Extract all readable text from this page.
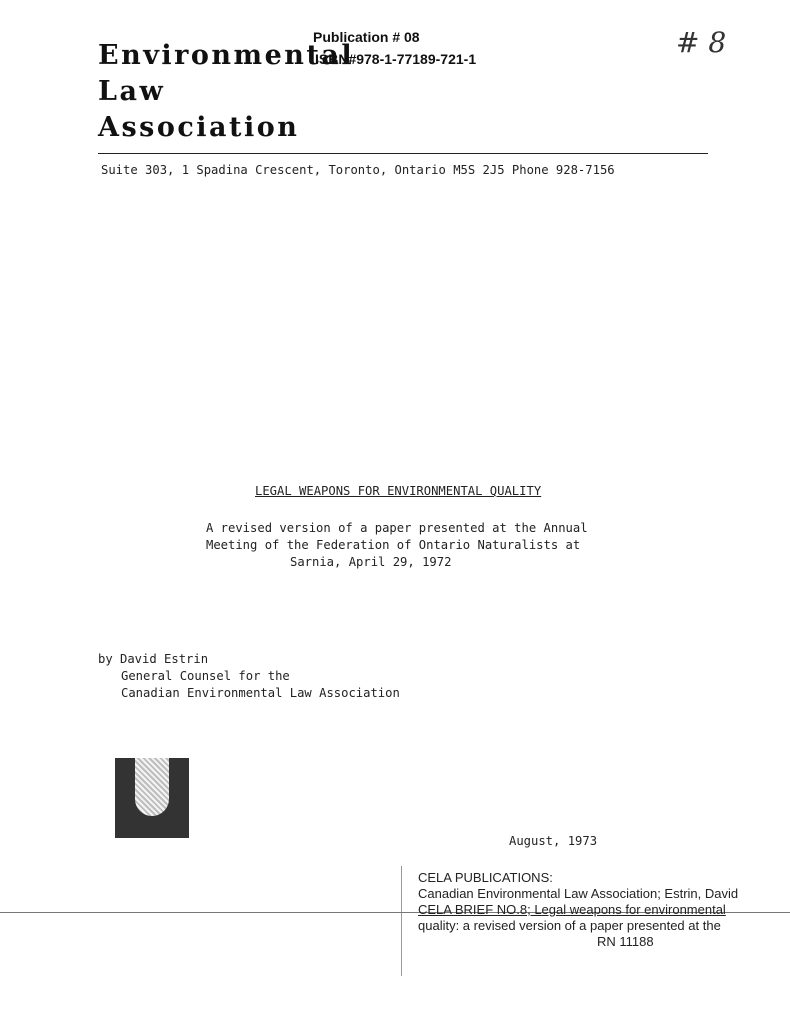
Publication # 08
ISBN#978-1-77189-721-1
Environmental
Law
Association
# 8
Suite 303, 1 Spadina Crescent, Toronto, Ontario M5S 2J5 Phone 928-7156
LEGAL WEAPONS FOR ENVIRONMENTAL QUALITY
A revised version of a paper presented at the Annual
Meeting of the Federation of Ontario Naturalists at
Sarnia, April 29, 1972
by David Estrin
General Counsel for the
Canadian Environmental Law Association
August, 1973
CELA PUBLICATIONS:
Canadian Environmental Law Association; Estrin, David
CELA BRIEF NO.8; Legal weapons for environmental
quality: a revised version of a paper presented at the
RN 11188
